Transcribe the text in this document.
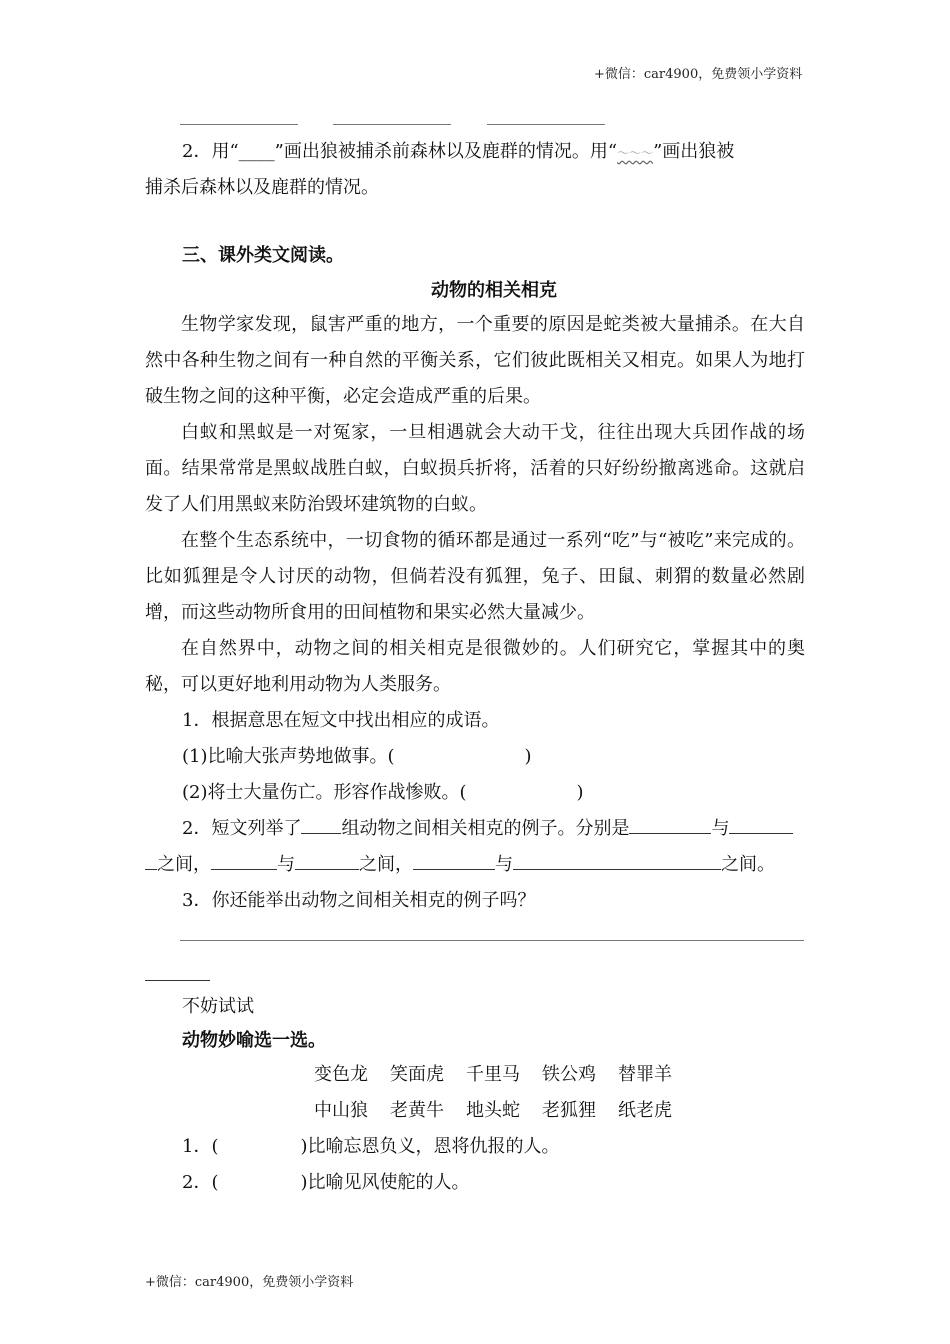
+微信：car4900，免费领小学资料
2．用“____”画出狼被捕杀前森林以及鹿群的情况。用“～～～”画出狼被
捕杀后森林以及鹿群的情况。
三、课外类文阅读。
动物的相关相克
生物学家发现，鼠害严重的地方，一个重要的原因是蛇类被大量捕杀。在大自然中各种生物之间有一种自然的平衡关系，它们彼此既相关又相克。如果人为地打破生物之间的这种平衡，必定会造成严重的后果。
白蚁和黑蚁是一对冤家，一旦相遇就会大动干戈，往往出现大兵团作战的场面。结果常常是黑蚁战胜白蚁，白蚁损兵折将，活着的只好纷纷撤离逃命。这就启发了人们用黑蚁来防治毁坏建筑物的白蚁。
在整个生态系统中，一切食物的循环都是通过一系列“吃”与“被吃”来完成的。比如狐狸是令人讨厌的动物，但倘若没有狐狸，兔子、田鼠、刺猬的数量必然剧增，而这些动物所食用的田间植物和果实必然大量减少。
在自然界中，动物之间的相关相克是很微妙的。人们研究它，掌握其中的奥秘，可以更好地利用动物为人类服务。
1．根据意思在短文中找出相应的成语。
(1)比喻大张声势地做事。(	)
(2)将士大量伤亡。形容作战惨败。(	)
2．短文列举了 组动物之间相关相克的例子。分别是	与
之间，	与	之间，	与	之间。
3．你还能举出动物之间相关相克的例子吗？
不妨试试
动物妙喻选一选。
变色龙 笑面虎 千里马 铁公鸡 替罪羊
中山狼 老黄牛 地头蛇 老狐狸 纸老虎
1．(	)比喻忘恩负义，恩将仇报的人。
2．(	)比喻见风使舵的人。
+微信：car4900，免费领小学资料
